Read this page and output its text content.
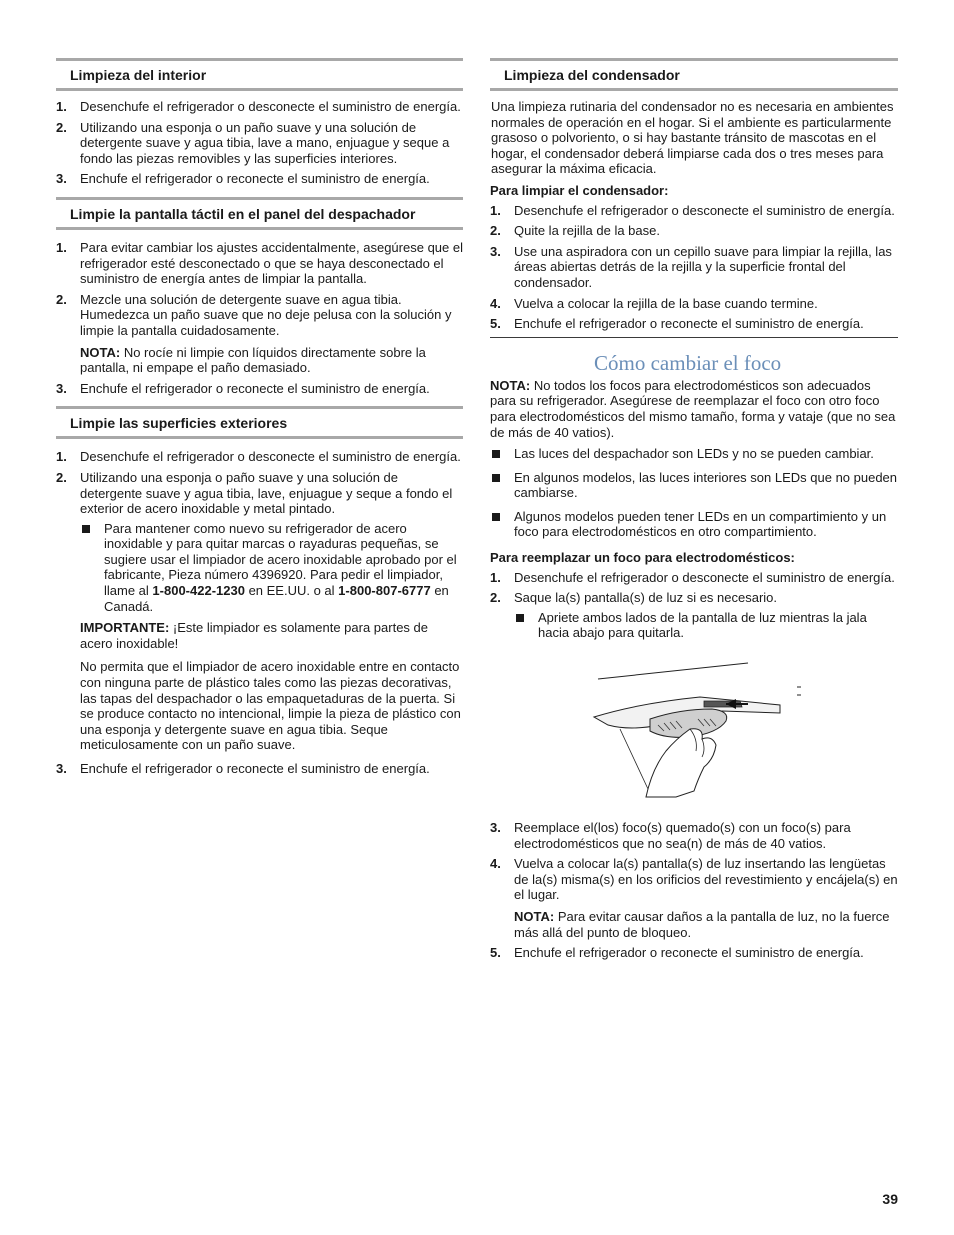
Limpieza del interior
1. Desenchufe el refrigerador o desconecte el suministro de energía.
2. Utilizando una esponja o un paño suave y una solución de detergente suave y agua tibia, lave a mano, enjuague y seque a fondo las piezas removibles y las superficies interiores.
3. Enchufe el refrigerador o reconecte el suministro de energía.
Limpie la pantalla táctil en el panel del despachador
1. Para evitar cambiar los ajustes accidentalmente, asegúrese que el refrigerador esté desconectado o que se haya desconectado el suministro de energía antes de limpiar la pantalla.
2. Mezcle una solución de detergente suave en agua tibia. Humedezca un paño suave que no deje pelusa con la solución y limpie la pantalla cuidadosamente.

NOTA: No rocíe ni limpie con líquidos directamente sobre la pantalla, ni empape el paño demasiado.

3. Enchufe el refrigerador o reconecte el suministro de energía.
Limpie las superficies exteriores
1. Desenchufe el refrigerador o desconecte el suministro de energía.
2. Utilizando una esponja o paño suave y una solución de detergente suave y agua tibia, lave, enjuague y seque a fondo el exterior de acero inoxidable y metal pintado.
Para mantener como nuevo su refrigerador de acero inoxidable y para quitar marcas o rayaduras pequeñas, se sugiere usar el limpiador de acero inoxidable aprobado por el fabricante, Pieza número 4396920. Para pedir el limpiador, llame al 1-800-422-1230 en EE.UU. o al 1-800-807-6777 en Canadá.

IMPORTANTE: ¡Este limpiador es solamente para partes de acero inoxidable!

No permita que el limpiador de acero inoxidable entre en contacto con ninguna parte de plástico tales como las piezas decorativas, las tapas del despachador o las empaquetaduras de la puerta. Si se produce contacto no intencional, limpie la pieza de plástico con una esponja y detergente suave en agua tibia. Seque meticulosamente con un paño suave.

3. Enchufe el refrigerador o reconecte el suministro de energía.
Limpieza del condensador

Una limpieza rutinaria del condensador no es necesaria en ambientes normales de operación en el hogar. Si el ambiente es particularmente grasoso o polvoriento, o si hay bastante tránsito de mascotas en el hogar, el condensador deberá limpiarse cada dos o tres meses para asegurar la máxima eficacia.

Para limpiar el condensador:
1. Desenchufe el refrigerador o desconecte el suministro de energía.
2. Quite la rejilla de la base.
3. Use una aspiradora con un cepillo suave para limpiar la rejilla, las áreas abiertas detrás de la rejilla y la superficie frontal del condensador.
4. Vuelva a colocar la rejilla de la base cuando termine.
5. Enchufe el refrigerador o reconecte el suministro de energía.
Cómo cambiar el foco

NOTA: No todos los focos para electrodomésticos son adecuados para su refrigerador. Asegúrese de reemplazar el foco con otro foco para electrodomésticos del mismo tamaño, forma y vataje (que no sea de más de 40 vatios).

Las luces del despachador son LEDs y no se pueden cambiar.
En algunos modelos, las luces interiores son LEDs que no pueden cambiarse.
Algunos modelos pueden tener LEDs en un compartimiento y un foco para electrodomésticos en otro compartimiento.
Para reemplazar un foco para electrodomésticos:
1. Desenchufe el refrigerador o desconecte el suministro de energía.
2. Saque la(s) pantalla(s) de luz si es necesario.
Apriete ambos lados de la pantalla de luz mientras la jala hacia abajo para quitarla.
3. Reemplace el(los) foco(s) quemado(s) con un foco(s) para electrodomésticos que no sea(n) de más de 40 vatios.
4. Vuelva a colocar la(s) pantalla(s) de luz insertando las lengüetas de la(s) misma(s) en los orificios del revestimiento y encájela(s) en el lugar.

NOTA: Para evitar causar daños a la pantalla de luz, no la fuerce más allá del punto de bloqueo.

5. Enchufe el refrigerador o reconecte el suministro de energía.
39
